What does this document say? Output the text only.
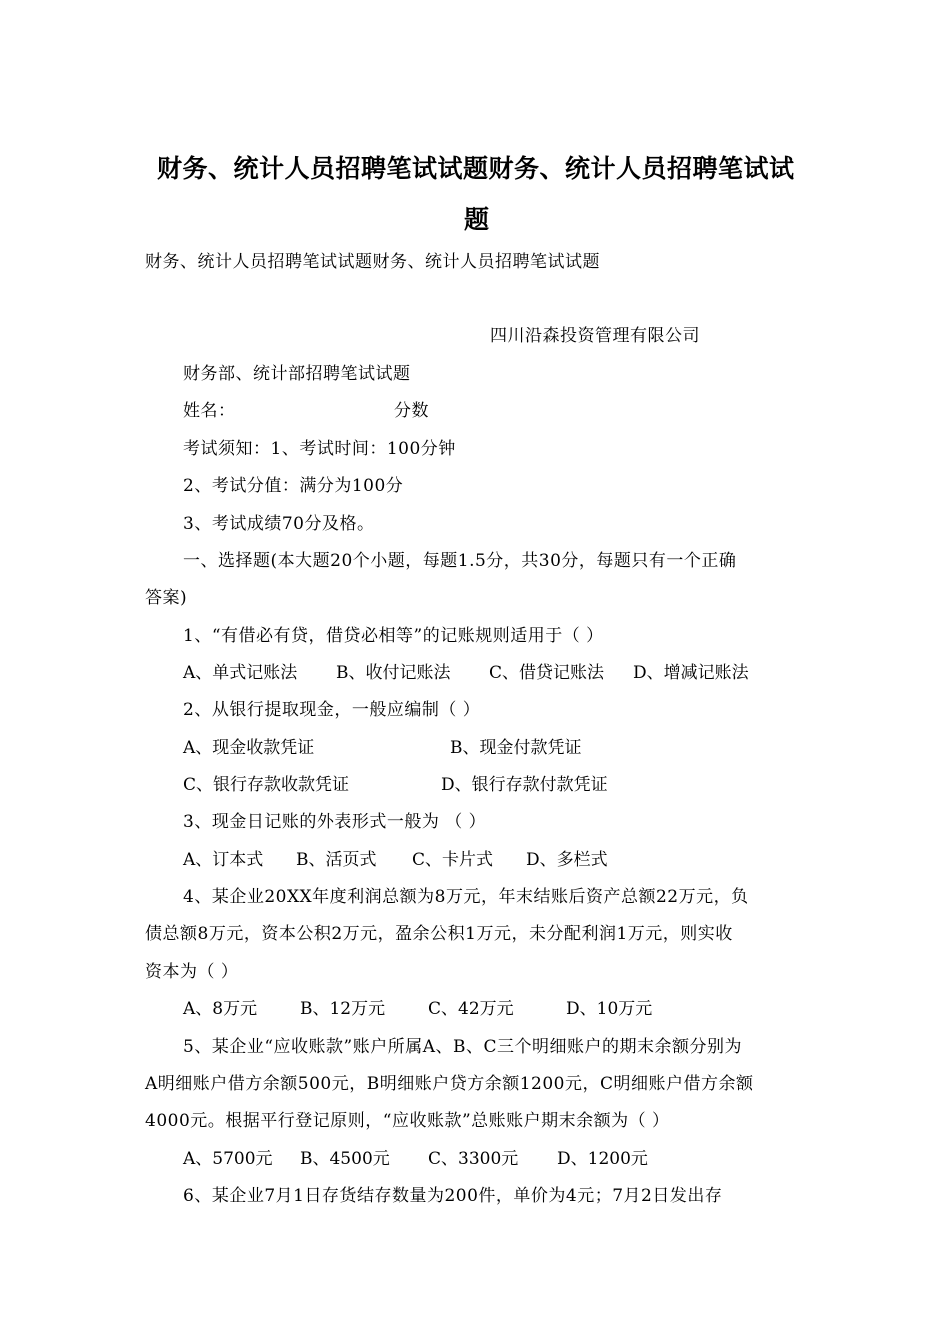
财务、统计人员招聘笔试试题财务、统计人员招聘笔试试
题
财务、统计人员招聘笔试试题财务、统计人员招聘笔试试题
四川沿森投资管理有限公司
财务部、统计部招聘笔试试题
姓名：	分数
考试须知：1、考试时间：100分钟
2、考试分值：满分为100分
3、考试成绩70分及格。
一、选择题(本大题20个小题，每题1.5分，共30分，每题只有一个正确
答案)
1、“有借必有贷，借贷必相等”的记账规则适用于（ ）
A、单式记账法 B、收付记账法 C、借贷记账法 D、增减记账法
2、从银行提取现金，一般应编制（ ）
A、现金收款凭证	B、现金付款凭证
C、银行存款收款凭证	D、银行存款付款凭证
3、现金日记账的外表形式一般为 （ ）
A、订本式 B、活页式 C、卡片式 D、多栏式
4、某企业20XX年度利润总额为8万元，年末结账后资产总额22万元，负
债总额8万元，资本公积2万元，盈余公积1万元，未分配利润1万元，则实收
资本为（ ）
A、8万元	B、12万元	C、42万元	D、10万元
5、某企业“应收账款”账户所属A、B、C三个明细账户的期末余额分别为
A明细账户借方余额500元，B明细账户贷方余额1200元，C明细账户借方余额
4000元。根据平行登记原则，“应收账款”总账账户期末余额为（ ）
A、5700元 B、4500元 C、3300元 D、1200元
6、某企业7月1日存货结存数量为200件，单价为4元；7月2日发出存
